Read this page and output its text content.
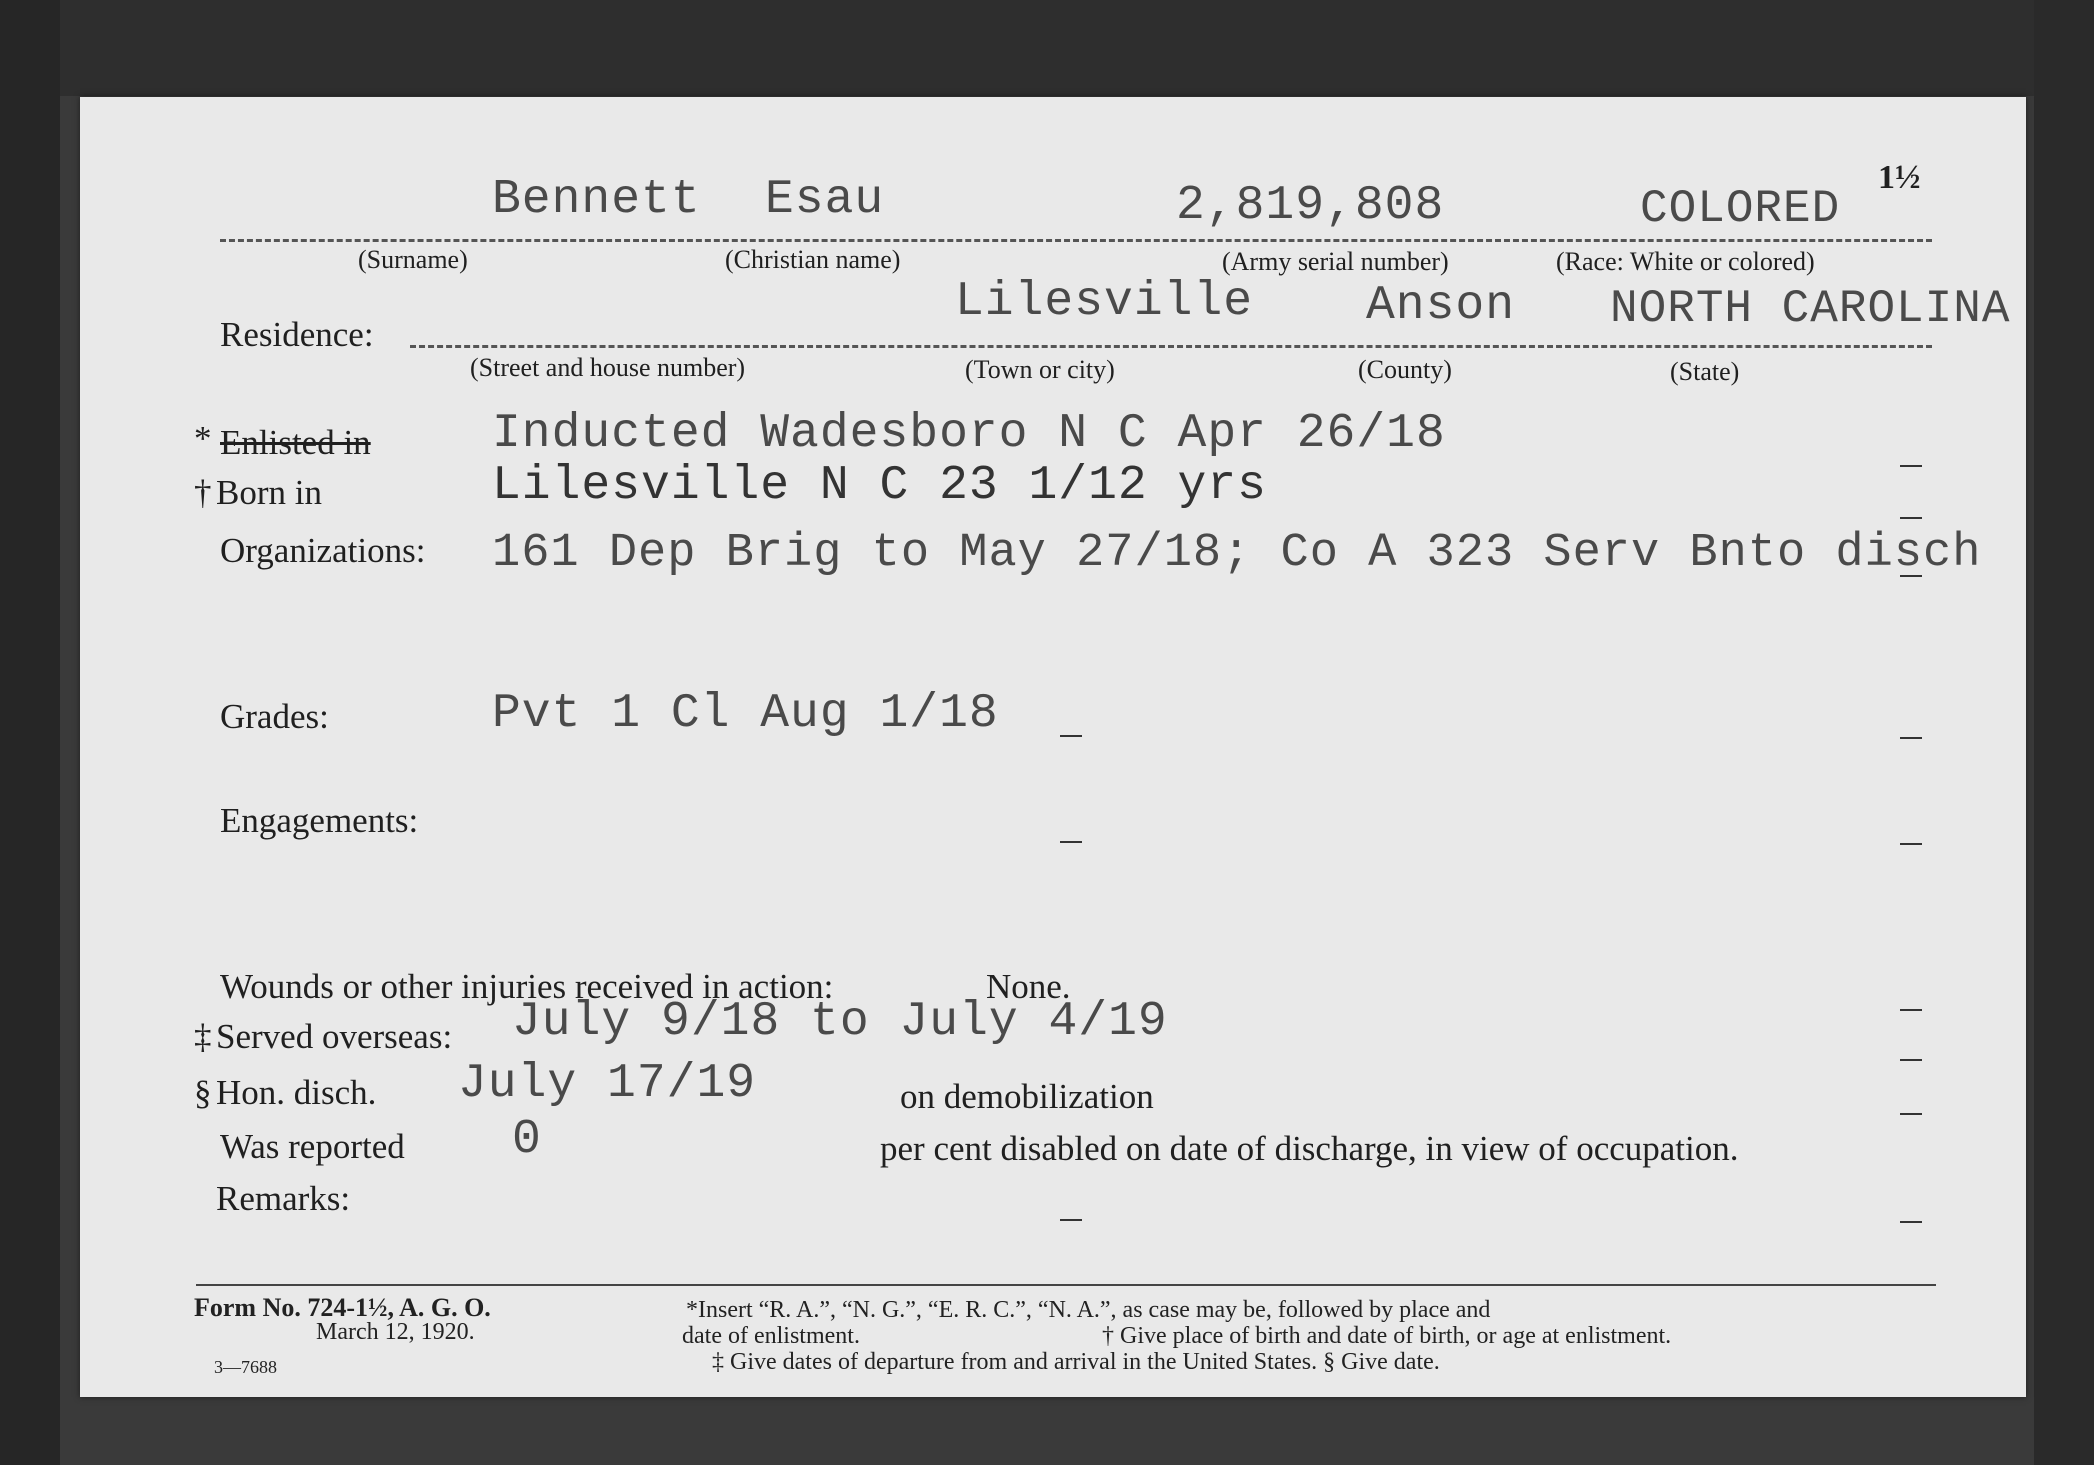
Bennett Esau	2,819,808	COLORED
1½
(Surname)	(Christian name)	(Army serial number)	(Race: White or colored)
Residence:
Lilesville Anson NORTH CAROLINA
(Street and house number)	(Town or city)	(County)	(State)
* Enlisted in	Inducted Wadesboro N C Apr 26/18
† Born in	Lilesville N C 23 1/12 yrs
Organizations: 161 Dep Brig to May 27/18; Co A 323 Serv Bnto disch
Grades:	Pvt 1 Cl Aug 1/18
Engagements:
Wounds or other injuries received in action:	None.
‡ Served overseas: July 9/18 to July 4/19
§ Hon. disch. July 17/19	on demobilization
Was reported 0	per cent disabled on date of discharge, in view of occupation.
Remarks:
Form No. 724-1½, A. G. O.
March 12, 1920.
3—7688
*Insert “R. A.”, “N. G.”, “E. R. C.”, “N. A.”, as case may be, followed by place and
date of enlistment.	† Give place of birth and date of birth, or age at enlistment.
‡ Give dates of departure from and arrival in the United States. § Give date.
